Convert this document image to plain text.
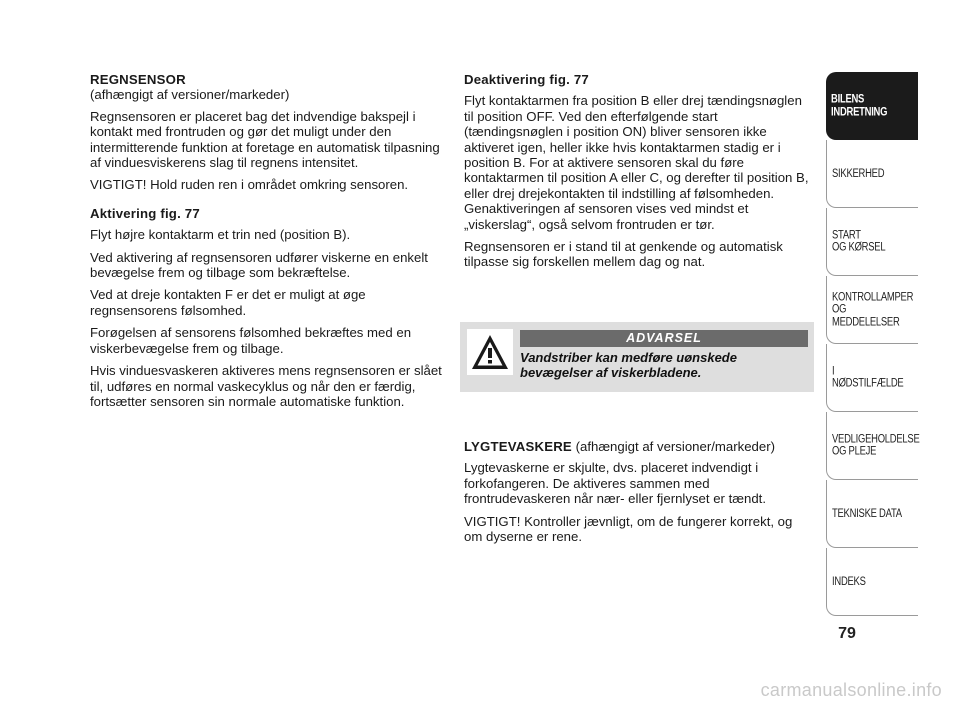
REGNSENSOR

(afhængigt af versioner/markeder)

Regnsensoren er placeret bag det indvendige bakspejl i kontakt med frontruden og gør det muligt under den intermitterende funktion at foretage en automatisk tilpasning af vinduesviskerens slag til regnens intensitet.

VIGTIGT! Hold ruden ren i området omkring sensoren.

Aktivering fig. 77

Flyt højre kontaktarm et trin ned (position B).

Ved aktivering af regnsensoren udfører viskerne en enkelt bevægelse frem og tilbage som bekræftelse.

Ved at dreje kontakten F er det er muligt at øge regnsensorens følsomhed.

Forøgelsen af sensorens følsomhed bekræftes med en viskerbevægelse frem og tilbage.

Hvis vinduesvaskeren aktiveres mens regnsensoren er slået til, udføres en normal vaskecyklus og når den er færdig, fortsætter sensoren sin normale automatiske funktion.

Deaktivering fig. 77

Flyt kontaktarmen fra position B eller drej tændingsnøglen til position OFF. Ved den efterfølgende start (tændingsnøglen i position ON) bliver sensoren ikke aktiveret igen, heller ikke hvis kontaktarmen stadig er i position B. For at aktivere sensoren skal du føre kontaktarmen til position A eller C, og derefter til position B, eller drej drejekontakten til indstilling af følsomheden. Genaktiveringen af sensoren vises ved mindst et „viskerslag“, også selvom frontruden er tør.

Regnsensoren er i stand til at genkende og automatisk tilpasse sig forskellen mellem dag og nat.

ADVARSEL
Vandstriber kan medføre uønskede bevægelser af viskerbladene.

LYGTEVASKERE (afhængigt af versioner/markeder)

Lygtevaskerne er skjulte, dvs. placeret indvendigt i forkofangeren. De aktiveres sammen med frontrudevaskeren når nær- eller fjernlyset er tændt.

VIGTIGT! Kontroller jævnligt, om de fungerer korrekt, og om dyserne er rene.

BILENS
INDRETNING
SIKKERHED
START
OG KØRSEL
KONTROLLAMPER
OG MEDDELELSER
I NØDSTILFÆLDE
VEDLIGEHOLDELSE
OG PLEJE
TEKNISKE DATA
INDEKS
79
carmanualsonline.info
